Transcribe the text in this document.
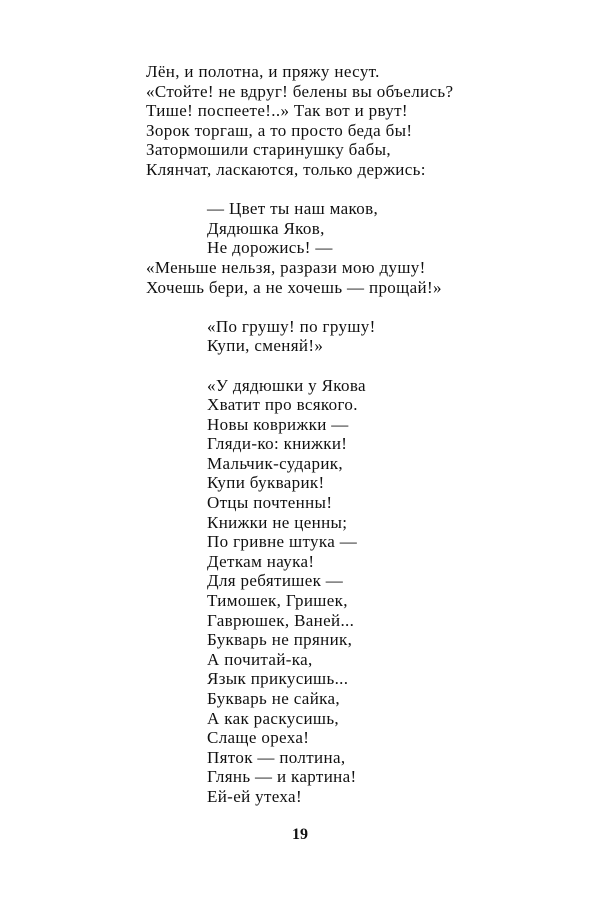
Лён, и полотна, и пряжу несут.
«Стойте! не вдруг! белены вы объелись?
Тише! поспеете!..» Так вот и рвут!
Зорок торгаш, а то просто беда бы!
Затормошили старинушку бабы,
Клянчат, ласкаются, только держись:
— Цвет ты наш маков,
Дядюшка Яков,
Не дорожись! —
«Меньше нельзя, разрази мою душу!
Хочешь бери, а не хочешь — прощай!»
«По грушу! по грушу!
Купи, сменяй!»
«У дядюшки у Якова
Хватит про всякого.
Новы коврижки —
Гляди-ко: книжки!
Мальчик-сударик,
Купи букварик!
Отцы почтенны!
Книжки не ценны;
По гривне штука —
Деткам наука!
Для ребятишек —
Тимошек, Гришек,
Гаврюшек, Ваней...
Букварь не пряник,
А почитай-ка,
Язык прикусишь...
Букварь не сайка,
А как раскусишь,
Слаще ореха!
Пяток — полтина,
Глянь — и картина!
Ей-ей утеха!
19
